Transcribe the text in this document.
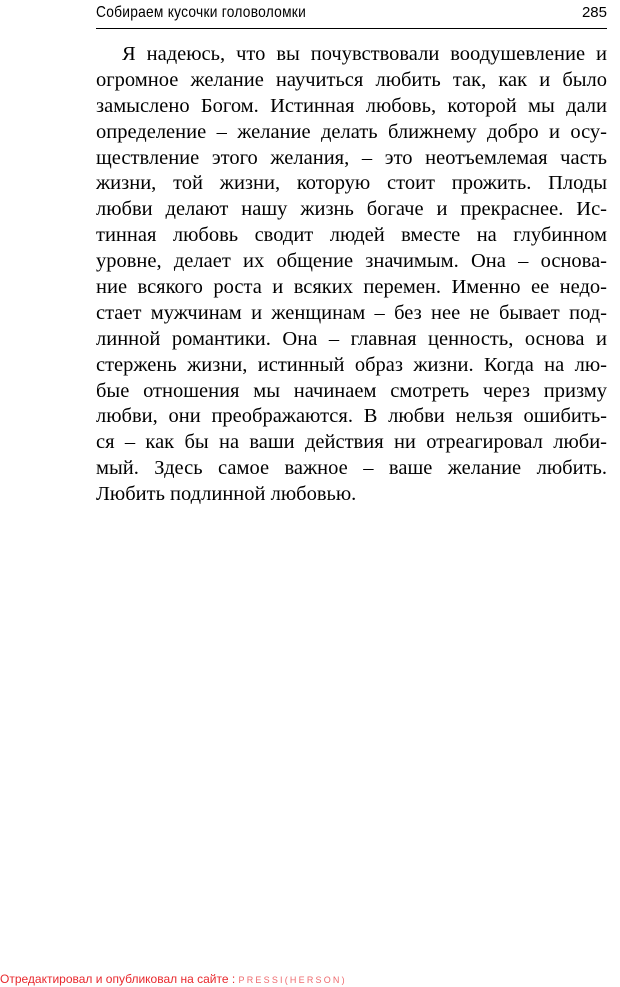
Собираем кусочки головоломки	285

Я надеюсь, что вы почувствовали воодушевление и
огромное желание научиться любить так, как и было
замыслено Богом. Истинная любовь, которой мы дали
определение – желание делать ближнему добро и осу-
ществление этого желания, – это неотъемлемая часть
жизни, той жизни, которую стоит прожить. Плоды
любви делают нашу жизнь богаче и прекраснее. Ис-
тинная любовь сводит людей вместе на глубинном
уровне, делает их общение значимым. Она – основа-
ние всякого роста и всяких перемен. Именно ее недо-
стает мужчинам и женщинам – без нее не бывает под-
линной романтики. Она – главная ценность, основа и
стержень жизни, истинный образ жизни. Когда на лю-
бые отношения мы начинаем смотреть через призму
любви, они преображаются. В любви нельзя ошибить-
ся – как бы на ваши действия ни отреагировал люби-
мый. Здесь самое важное – ваше желание любить.
Любить подлинной любовью.

Отредактировал и опубликовал на сайте : PRESSI(HERSON)
